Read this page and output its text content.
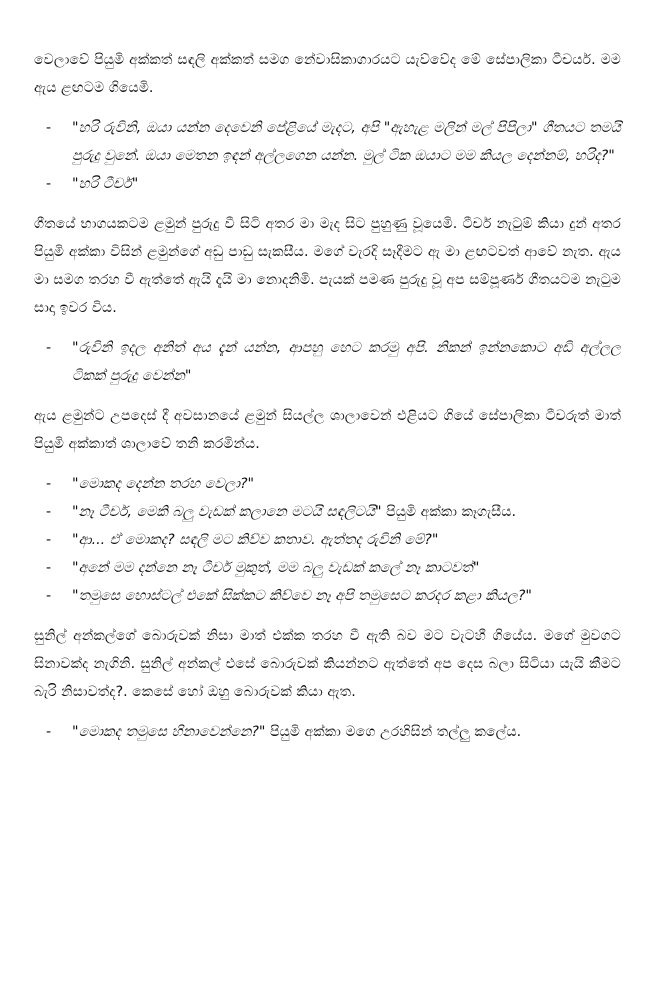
වෙලාවේ පියුමි අක්කත් සඳලි අක්කත් සමග නේවාසිකාගාරයට යැව්වේද මේ සේපාලිකා ටීචර්ය. මම ඇය ළඟටම ගියෙමි.

- "හරි රුවිනි, ඔයා යන්න දෙවෙනි පේළියේ මැදට, අපි "ඇහැළ මලින් මල් පිපිලා" ගීතයට තමයි පුරුදු වුනේ. ඔයා මෙතන ඉඳන් අල්ලගෙන යන්න. මුල් ටික ඔයාට මම කියල දෙන්නම්, හරිද?"
- "හරි ටීචර්"

ගීතයේ භාගයකටම ළමුන් පුරුදු වී සිටි අතර මා මැද සිට පුහුණු වූයෙමි. ටීචර් නැටුම් කියා දුන් අතර පියුමි අක්කා විසින් ළමුන්ගේ අඩු පාඩු සැකසීය. මගේ වැරදි සෑදීමට ඇ මා ළඟටවත් ආවේ නැත. ඇය මා සමග තරහ වී ඇත්තේ ඇයි දැයි මා නොදනිමි. පැයක් පමණ පුරුදු වූ අප සම්පූර්ණ ගීතයටම නැටුම සාදා ඉවර විය.

- "රුවිනි ඉදල අනිත් අය දැන් යන්න, ආපහු හෙට කරමු අපි. නිකන් ඉන්නකොට අඩි අල්ලල ටිකක් පුරුදු වෙන්න"

ඇය ළමුන්ට උපදෙස් දී අවසානයේ ළමුන් සියල්ල ශාලාවෙන් එළියට ගියේ සේපාලිකා ටීචරුත් මාත් පියුමි අක්කාත් ශාලාවේ තනි කරමින්ය.

- "මොකද දෙන්න තරහ වෙලා?"
- "නෑ ටීචර්, මෙකි බලු වැඩක් කලානෙ මටයි සඳලිටයි" පියුමි අක්කා කෑගැසීය.
- "ආ... ඒ මොකද? සඳලි මට කිව්ව කතාව. ඇත්තද රුවිනි මේ?"
- "අනේ මම දන්නෙ නෑ ටීචර් මුකුත්, මම බලු වැඩක් කලේ නෑ කාටවත්"
- "තමුසෙ හොස්ටල් එකේ සික්කට කිව්වෙ නෑ අපි තමුසෙට කරදර කළා කියල?"

සුනිල් අන්කල්ගේ බොරුවක් නිසා මාත් එක්ක තරහ වී ඇති බව මට වැටහී ගියේය. මගේ මුවගට සිනාවක්ද නැගිනි. සුනිල් අන්කල් එසේ බොරුවක් කියන්නට ඇත්තේ අප දෙස බලා සිටියා යැයි කීමට බැරි නිසාවත්ද?. කෙසේ හෝ ඔහු බොරුවක් කියා ඇත.

- "මොකද තමුසෙ හිනාවෙන්නෙ?" පියුමි අක්කා මගෙ උරහිසින් තල්ලු කලේය.
